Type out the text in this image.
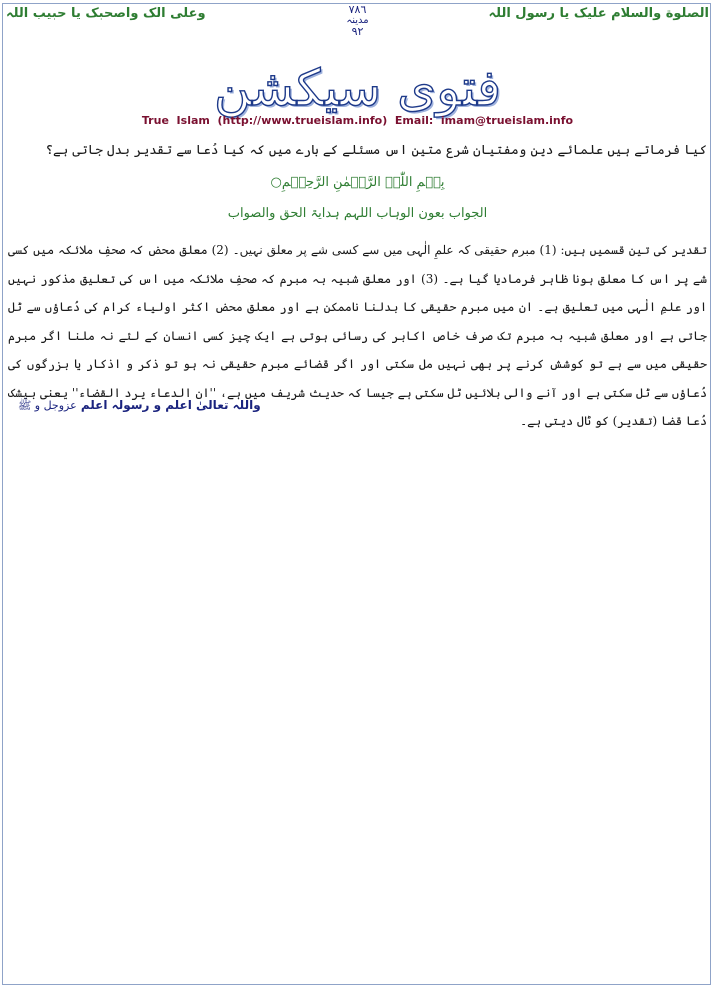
الصلوة والسلام علیک یا رسول اللہ
وعلی الک واصحبک یا حبیب اللہ	٧٨٦
مدینہ
٩٢
فتوی سیکشن
True  Islam  (http://www.trueislam.info)  Email:  imam@trueislam.info
کیا فرماتے ہیں علمائے دین ومفتیان شرع متین اس مسئلے کے بارے میں کہ کیا دُعا سے تقدیر بدل جاتی ہے؟
بِسۡمِ اللّٰہِ الرَّحۡمٰنِ الرَّحِیۡمِ○
الجواب بعون الوہاب اللہم ہدایۃ الحق والصواب
تقدیر کی تین قسمیں ہیں: (1) مبرم حقیقی کہ علمِ الٰہی میں سے کسی شے پر معلق نہیں۔ (2) معلق محض کہ صحفِ ملائکہ میں کسی شے پر اس کا معلق ہونا ظاہر فرمادیا گیا ہے۔ (3) اور معلق شبیہ بہ مبرم کہ صحفِ ملائکہ میں اس کی تعلیق مذکور نہیں اور علمِ الٰہی میں تعلیق ہے۔ ان میں مبرم حقیقی کا بدلنا ناممکن ہے اور معلق محض اکثر اولیاء کرام کی دُعاؤں سے ٹل جاتی ہے اور معلق شبیہ بہ مبرم تک صرف خاص اکابر کی رسائی ہوتی ہے ایک چیز کسی انسان کے لئے نہ ملنا اگر مبرم حقیقی میں سے ہے تو کوشش کرنے پر بھی نہیں مل سکتی اور اگر قضائے مبرم حقیقی نہ ہو تو ذکر و اذکار یا بزرگوں کی دُعاؤں سے ٹل سکتی ہے اور آنے والی بلائیں ٹل سکتی ہے جیسا کہ حدیث شریف میں ہے، ''ان الدعاء یرد القضاء'' یعنی بیشک دُعا قضا (تقدیر) کو ٹال دیتی ہے۔
واللہ تعالیٰ اعلم و رسولہ اعلم عزوجل و ﷺ
